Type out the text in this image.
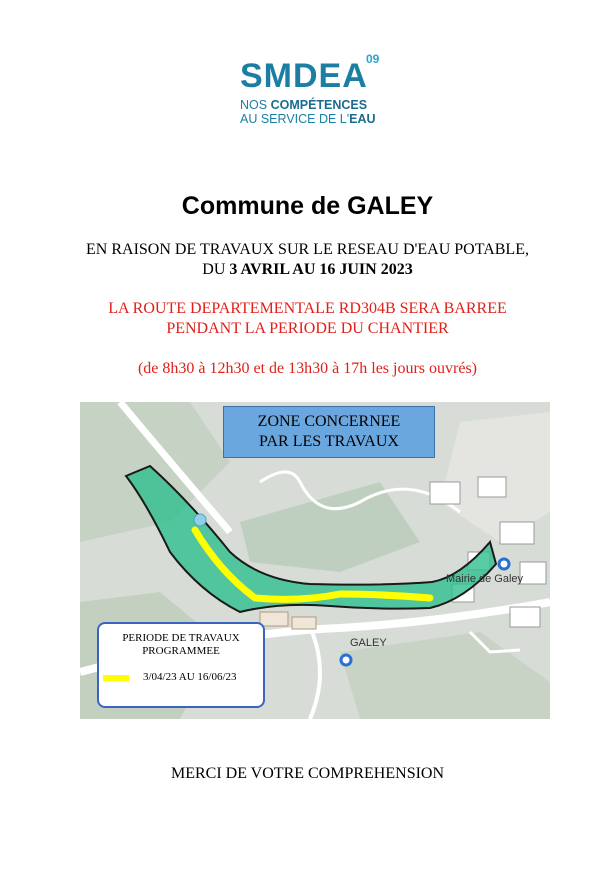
SMDEA
09
NOS COMPÉTENCES
AU SERVICE DE L'EAU
Commune de GALEY
EN RAISON DE TRAVAUX SUR LE RESEAU D'EAU POTABLE,
DU 3 AVRIL AU 16 JUIN 2023
LA ROUTE DEPARTEMENTALE RD304B SERA BARREE
PENDANT LA PERIODE DU CHANTIER
(de 8h30 à 12h30 et de 13h30 à 17h les jours ouvrés)
Mairie de Galey
GALEY
ZONE CONCERNEE
PAR LES TRAVAUX
PERIODE DE TRAVAUX
PROGRAMMEE
3/04/23 AU 16/06/23
MERCI DE VOTRE COMPREHENSION
